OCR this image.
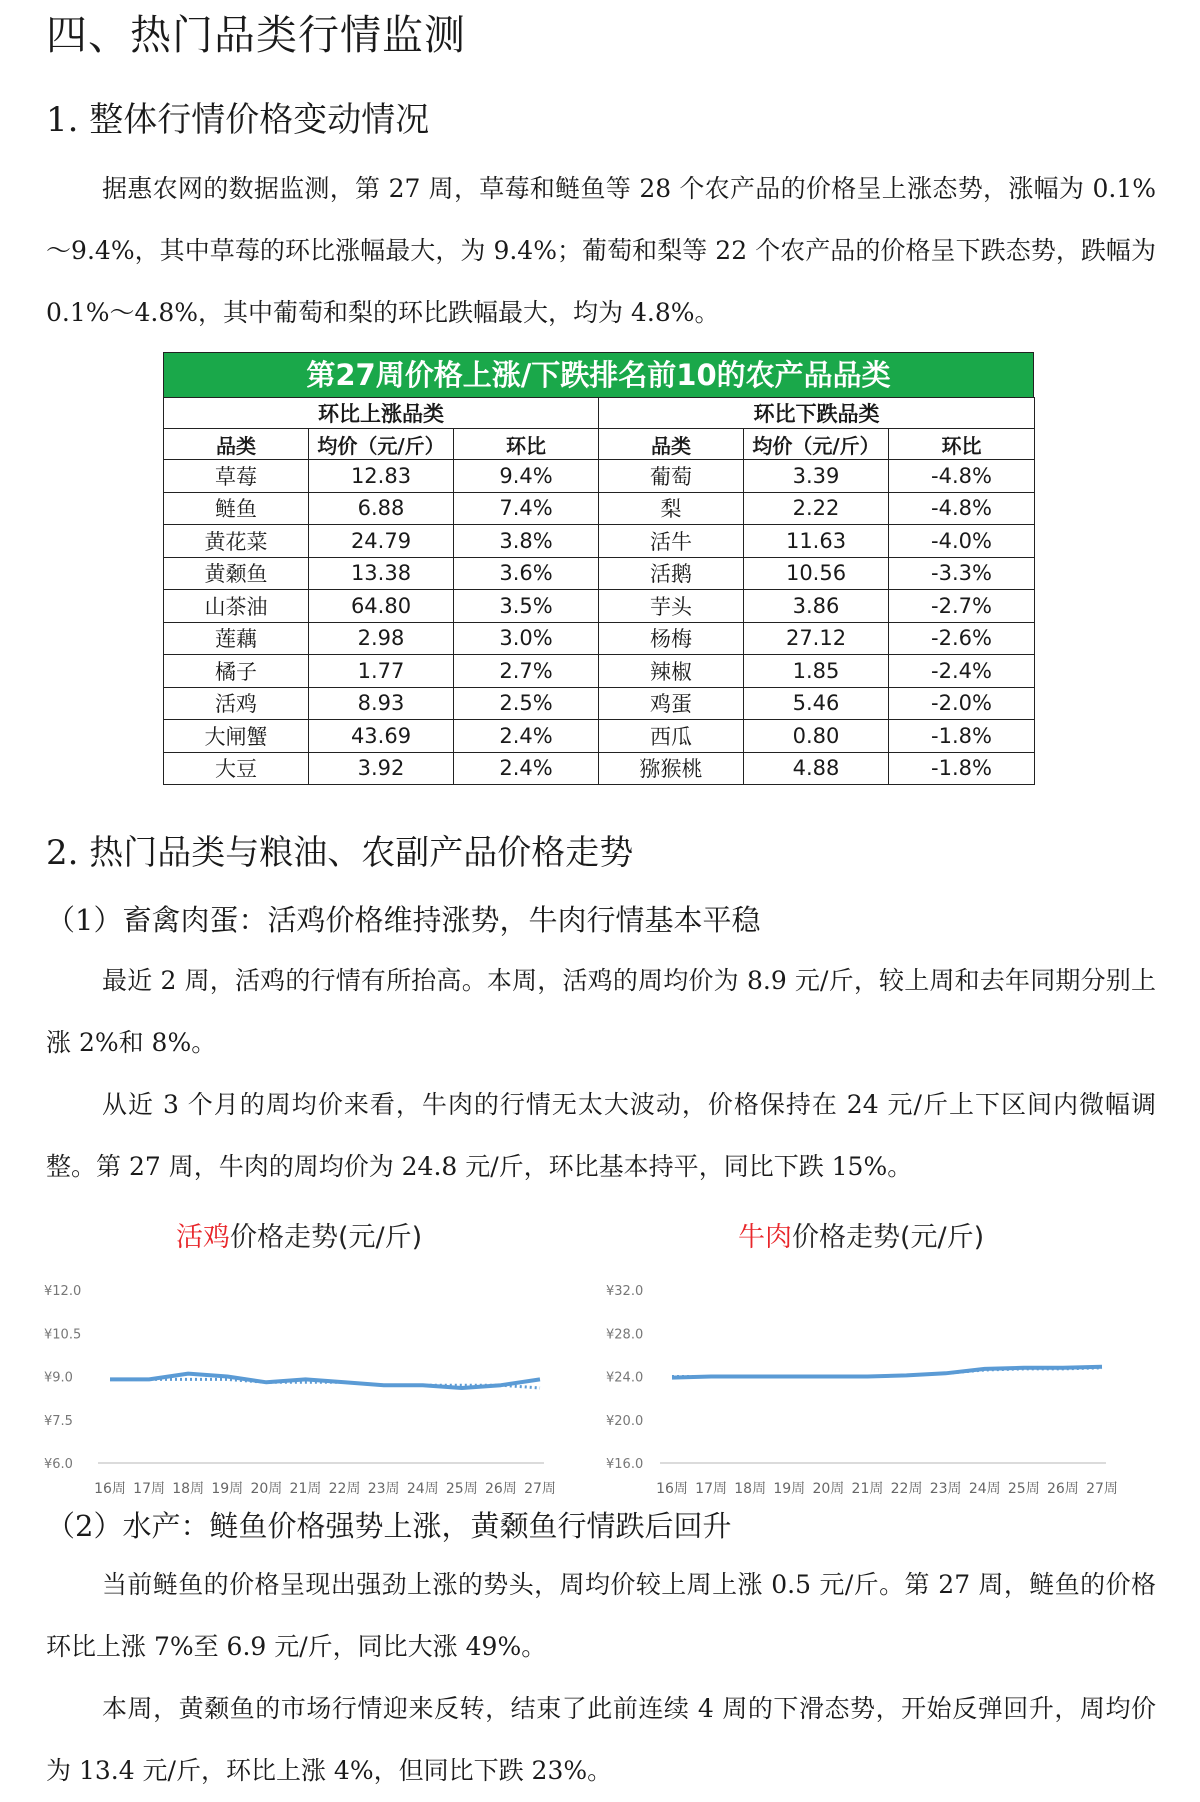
四、热门品类行情监测
1. 整体行情价格变动情况

据惠农网的数据监测，第 27 周，草莓和鲢鱼等 28 个农产品的价格呈上涨态势，涨幅为 0.1%～9.4%，其中草莓的环比涨幅最大，为 9.4%；葡萄和梨等 22 个农产品的价格呈下跌态势，跌幅为 0.1%～4.8%，其中葡萄和梨的环比跌幅最大，均为 4.8%。

第27周价格上涨/下跌排名前10的农产品品类
环比上涨品类			环比下跌品类		
品类	均价（元/斤）	环比	品类	均价（元/斤）	环比
草莓	12.83	9.4%	葡萄	3.39	-4.8%
鲢鱼	6.88	7.4%	梨	2.22	-4.8%
黄花菜	24.79	3.8%	活牛	11.63	-4.0%
黄颡鱼	13.38	3.6%	活鹅	10.56	-3.3%
山茶油	64.80	3.5%	芋头	3.86	-2.7%
莲藕	2.98	3.0%	杨梅	27.12	-2.6%
橘子	1.77	2.7%	辣椒	1.85	-2.4%
活鸡	8.93	2.5%	鸡蛋	5.46	-2.0%
大闸蟹	43.69	2.4%	西瓜	0.80	-1.8%
大豆	3.92	2.4%	猕猴桃	4.88	-1.8%
2. 热门品类与粮油、农副产品价格走势
（1）畜禽肉蛋：活鸡价格维持涨势，牛肉行情基本平稳

最近 2 周，活鸡的行情有所抬高。本周，活鸡的周均价为 8.9 元/斤，较上周和去年同期分别上涨 2%和 8%。

从近 3 个月的周均价来看，牛肉的行情无太大波动，价格保持在 24 元/斤上下区间内微幅调整。第 27 周，牛肉的周均价为 24.8 元/斤，环比基本持平，同比下跌 15%。

活鸡价格走势(元/斤)
¥12.0
¥10.5
¥9.0
¥7.5
¥6.0
16周 17周 18周 19周 20周 21周 22周 23周 24周 25周 26周 27周
牛肉价格走势(元/斤)
¥32.0
¥28.0
¥24.0
¥20.0
¥16.0
16周 17周 18周 19周 20周 21周 22周 23周 24周 25周 26周 27周
（2）水产：鲢鱼价格强势上涨，黄颡鱼行情跌后回升

当前鲢鱼的价格呈现出强劲上涨的势头，周均价较上周上涨 0.5 元/斤。第 27 周，鲢鱼的价格环比上涨 7%至 6.9 元/斤，同比大涨 49%。

本周，黄颡鱼的市场行情迎来反转，结束了此前连续 4 周的下滑态势，开始反弹回升，周均价为 13.4 元/斤，环比上涨 4%，但同比下跌 23%。
